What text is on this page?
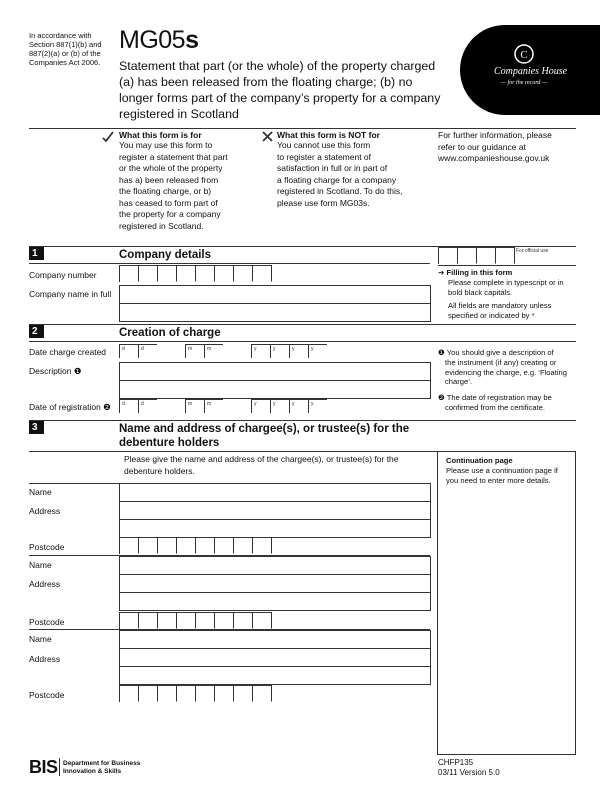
In accordance with
Section 887(1)(b) and
887(2)(a) or (b) of the
Companies Act 2006.
MG05s
Statement that part (or the whole) of the property charged
(a) has been released from the floating charge; (b) no
longer forms part of the company’s property for a company
registered in Scotland
C
Companies House
— for the record —
What this form is for
You may use this form to
register a statement that part
or the whole of the property
has a) been released from
the floating charge, or b)
has ceased to form part of
the property for a company
registered in Scotland.
What this form is NOT for
You cannot use this form
to register a statement of
satisfaction in full or in part of
a floating charge for a company
registered in Scotland. To do this,
please use form MG03s.
For further information, please
refer to our guidance at
www.companieshouse.gov.uk
1	Company details	For official use
Company number
Company name in full
➔ Filling in this form
Please complete in typescript or in
bold black capitals.
All fields are mandatory unless
specified or indicated by *
2	Creation of charge
Date charge created	d	d	m	m	y	y	y	y
Description ❶
Date of registration ❷	d	d	m	m	y	y	y	y
❶ You should give a description of
the instrument (if any) creating or
evidencing the charge, e.g. ‘Floating
charge’.
❷ The date of registration may be
confirmed from the certificate.
3	Name and address of chargee(s), or trustee(s) for the
debenture holders
Please give the name and address of the chargee(s), or trustee(s) for the
debenture holders.
Continuation page
Please use a continuation page if
you need to enter more details.
Name
Address
Postcode
Name
Address
Postcode
Name
Address
Postcode
BIS Department for Business
Innovation & Skills
CHFP135
03/11 Version 5.0
